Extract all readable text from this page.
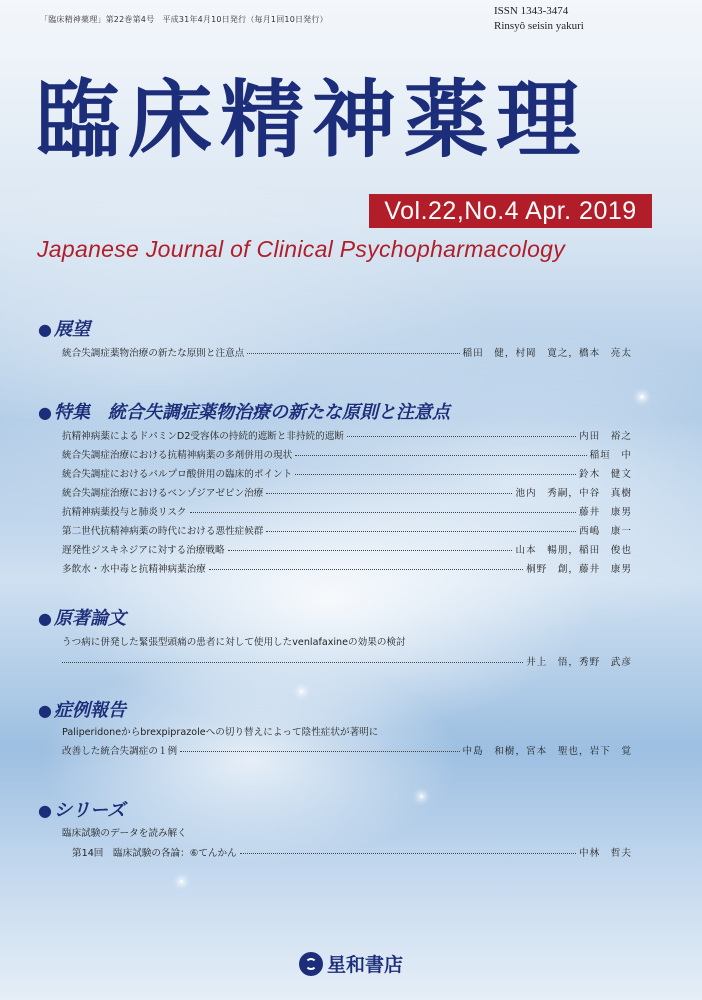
「臨床精神薬理」第22巻第4号　平成31年4月10日発行（毎月1回10日発行）
ISSN 1343-3474
Rinsyô seisin yakuri
臨床精神薬理
Vol.22,No.4 Apr. 2019
Japanese Journal of Clinical Psychopharmacology
● 展望
統合失調症薬物治療の新たな原則と注意点	稲田　健，村岡　寛之，橋本　亮太
● 特集　統合失調症薬物治療の新たな原則と注意点
抗精神病薬によるドパミンD2受容体の持続的遮断と非持続的遮断	内田　裕之
統合失調症治療における抗精神病薬の多剤併用の現状	稲垣　中
統合失調症におけるバルプロ酸併用の臨床的ポイント	鈴木　健文
統合失調症治療におけるベンゾジアゼピン治療	池内　秀嗣，中谷　真樹
抗精神病薬投与と肺炎リスク	藤井　康男
第二世代抗精神病薬の時代における悪性症候群	西嶋　康一
遅発性ジスキネジアに対する治療戦略	山本　暢朋，稲田　俊也
多飲水・水中毒と抗精神病薬治療	桐野　創，藤井　康男
● 原著論文
うつ病に併発した緊張型頭痛の患者に対して使用したvenlafaxineの効果の検討
井上　悟，秀野　武彦
● 症例報告
Paliperidoneからbrexpiprazoleへの切り替えによって陰性症状が著明に
改善した統合失調症の１例	中島　和樹，宮本　聖也，岩下　覚
● シリーズ
臨床試験のデータを読み解く
第14回　臨床試験の各論：⑥てんかん	中林　哲夫
星和書店
